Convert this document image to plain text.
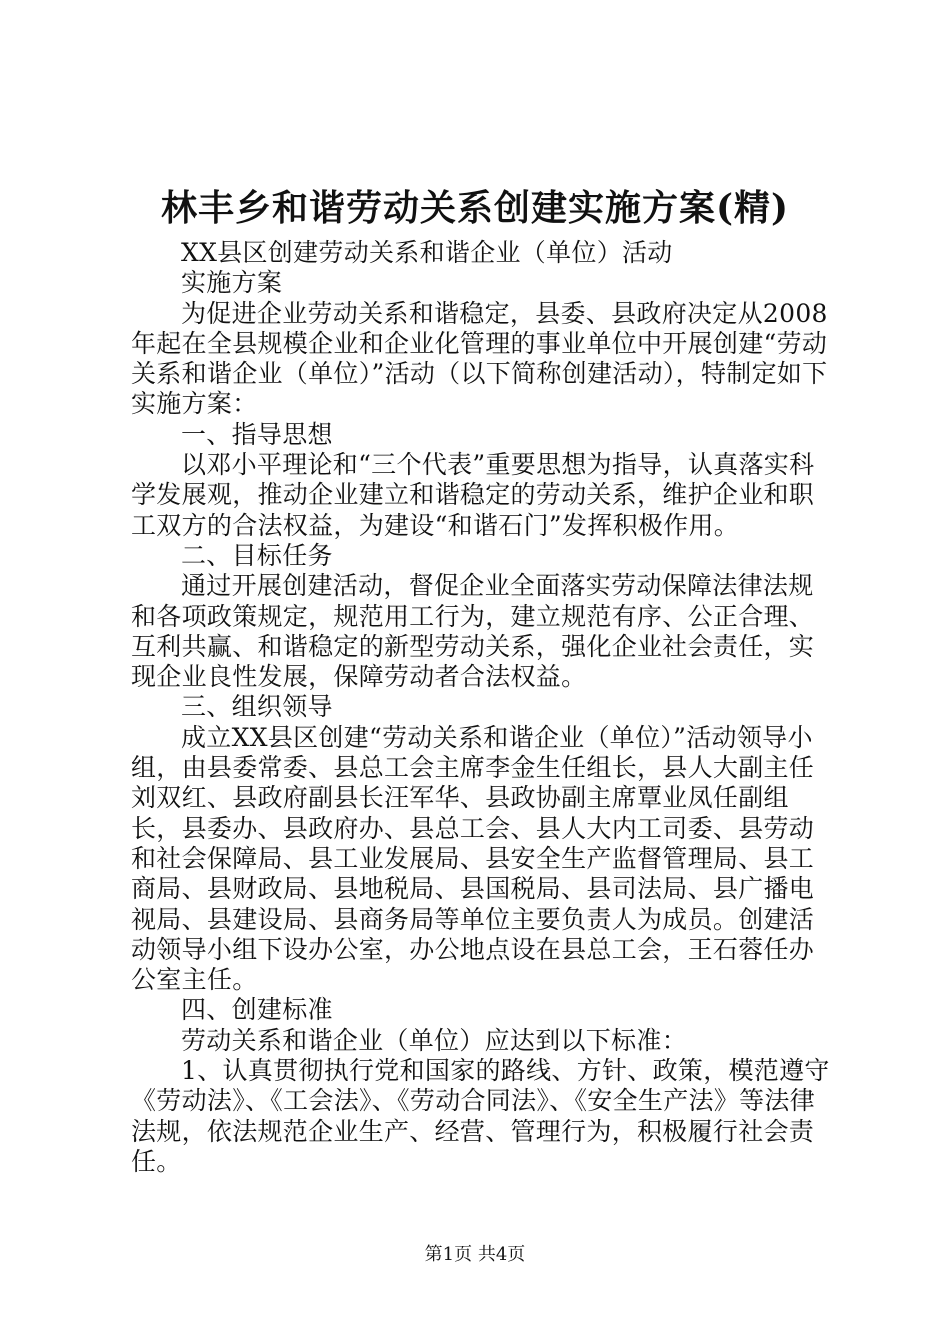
林丰乡和谐劳动关系创建实施方案(精)

XX县区创建劳动关系和谐企业（单位）活动

实施方案

为促进企业劳动关系和谐稳定，县委、县政府决定从2008年起在全县规模企业和企业化管理的事业单位中开展创建“劳动关系和谐企业（单位）”活动（以下简称创建活动），特制定如下实施方案：

一、指导思想

以邓小平理论和“三个代表”重要思想为指导，认真落实科学发展观，推动企业建立和谐稳定的劳动关系，维护企业和职工双方的合法权益，为建设“和谐石门”发挥积极作用。

二、目标任务

通过开展创建活动，督促企业全面落实劳动保障法律法规和各项政策规定，规范用工行为，建立规范有序、公正合理、互利共赢、和谐稳定的新型劳动关系，强化企业社会责任，实现企业良性发展，保障劳动者合法权益。

三、组织领导

成立XX县区创建“劳动关系和谐企业（单位）”活动领导小组，由县委常委、县总工会主席李金生任组长，县人大副主任刘双红、县政府副县长汪军华、县政协副主席覃业凤任副组长，县委办、县政府办、县总工会、县人大内工司委、县劳动和社会保障局、县工业发展局、县安全生产监督管理局、县工商局、县财政局、县地税局、县国税局、县司法局、县广播电视局、县建设局、县商务局等单位主要负责人为成员。创建活动领导小组下设办公室，办公地点设在县总工会，王石蓉任办公室主任。

四、创建标准

劳动关系和谐企业（单位）应达到以下标准：

1、认真贯彻执行党和国家的路线、方针、政策，模范遵守《劳动法》、《工会法》、《劳动合同法》、《安全生产法》等法律法规，依法规范企业生产、经营、管理行为，积极履行社会责任。

第1页 共4页
